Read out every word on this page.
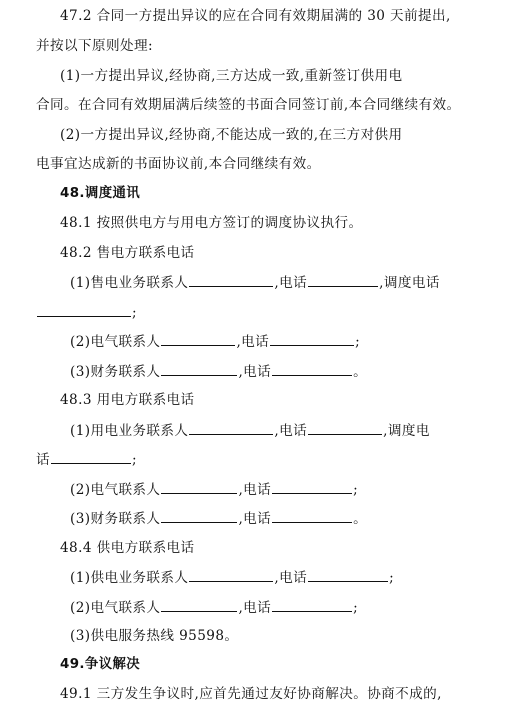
47.2 合同一方提出异议的应在合同有效期届满的 30 天前提出,
并按以下原则处理:
(1)一方提出异议,经协商,三方达成一致,重新签订供用电
合同。在合同有效期届满后续签的书面合同签订前,本合同继续有效。
(2)一方提出异议,经协商,不能达成一致的,在三方对供用
电事宜达成新的书面协议前,本合同继续有效。
48.调度通讯
48.1 按照供电方与用电方签订的调度协议执行。
48.2 售电方联系电话
(1)售电业务联系人	,电话	,调度电话
;
(2)电气联系人	,电话	;
(3)财务联系人	,电话	。
48.3 用电方联系电话
(1)用电业务联系人	,电话	,调度电
话	;
(2)电气联系人	,电话	;
(3)财务联系人	,电话	。
48.4 供电方联系电话
(1)供电业务联系人	,电话	;
(2)电气联系人	,电话	;
(3)供电服务热线 95598。
49.争议解决
49.1 三方发生争议时,应首先通过友好协商解决。协商不成的,
